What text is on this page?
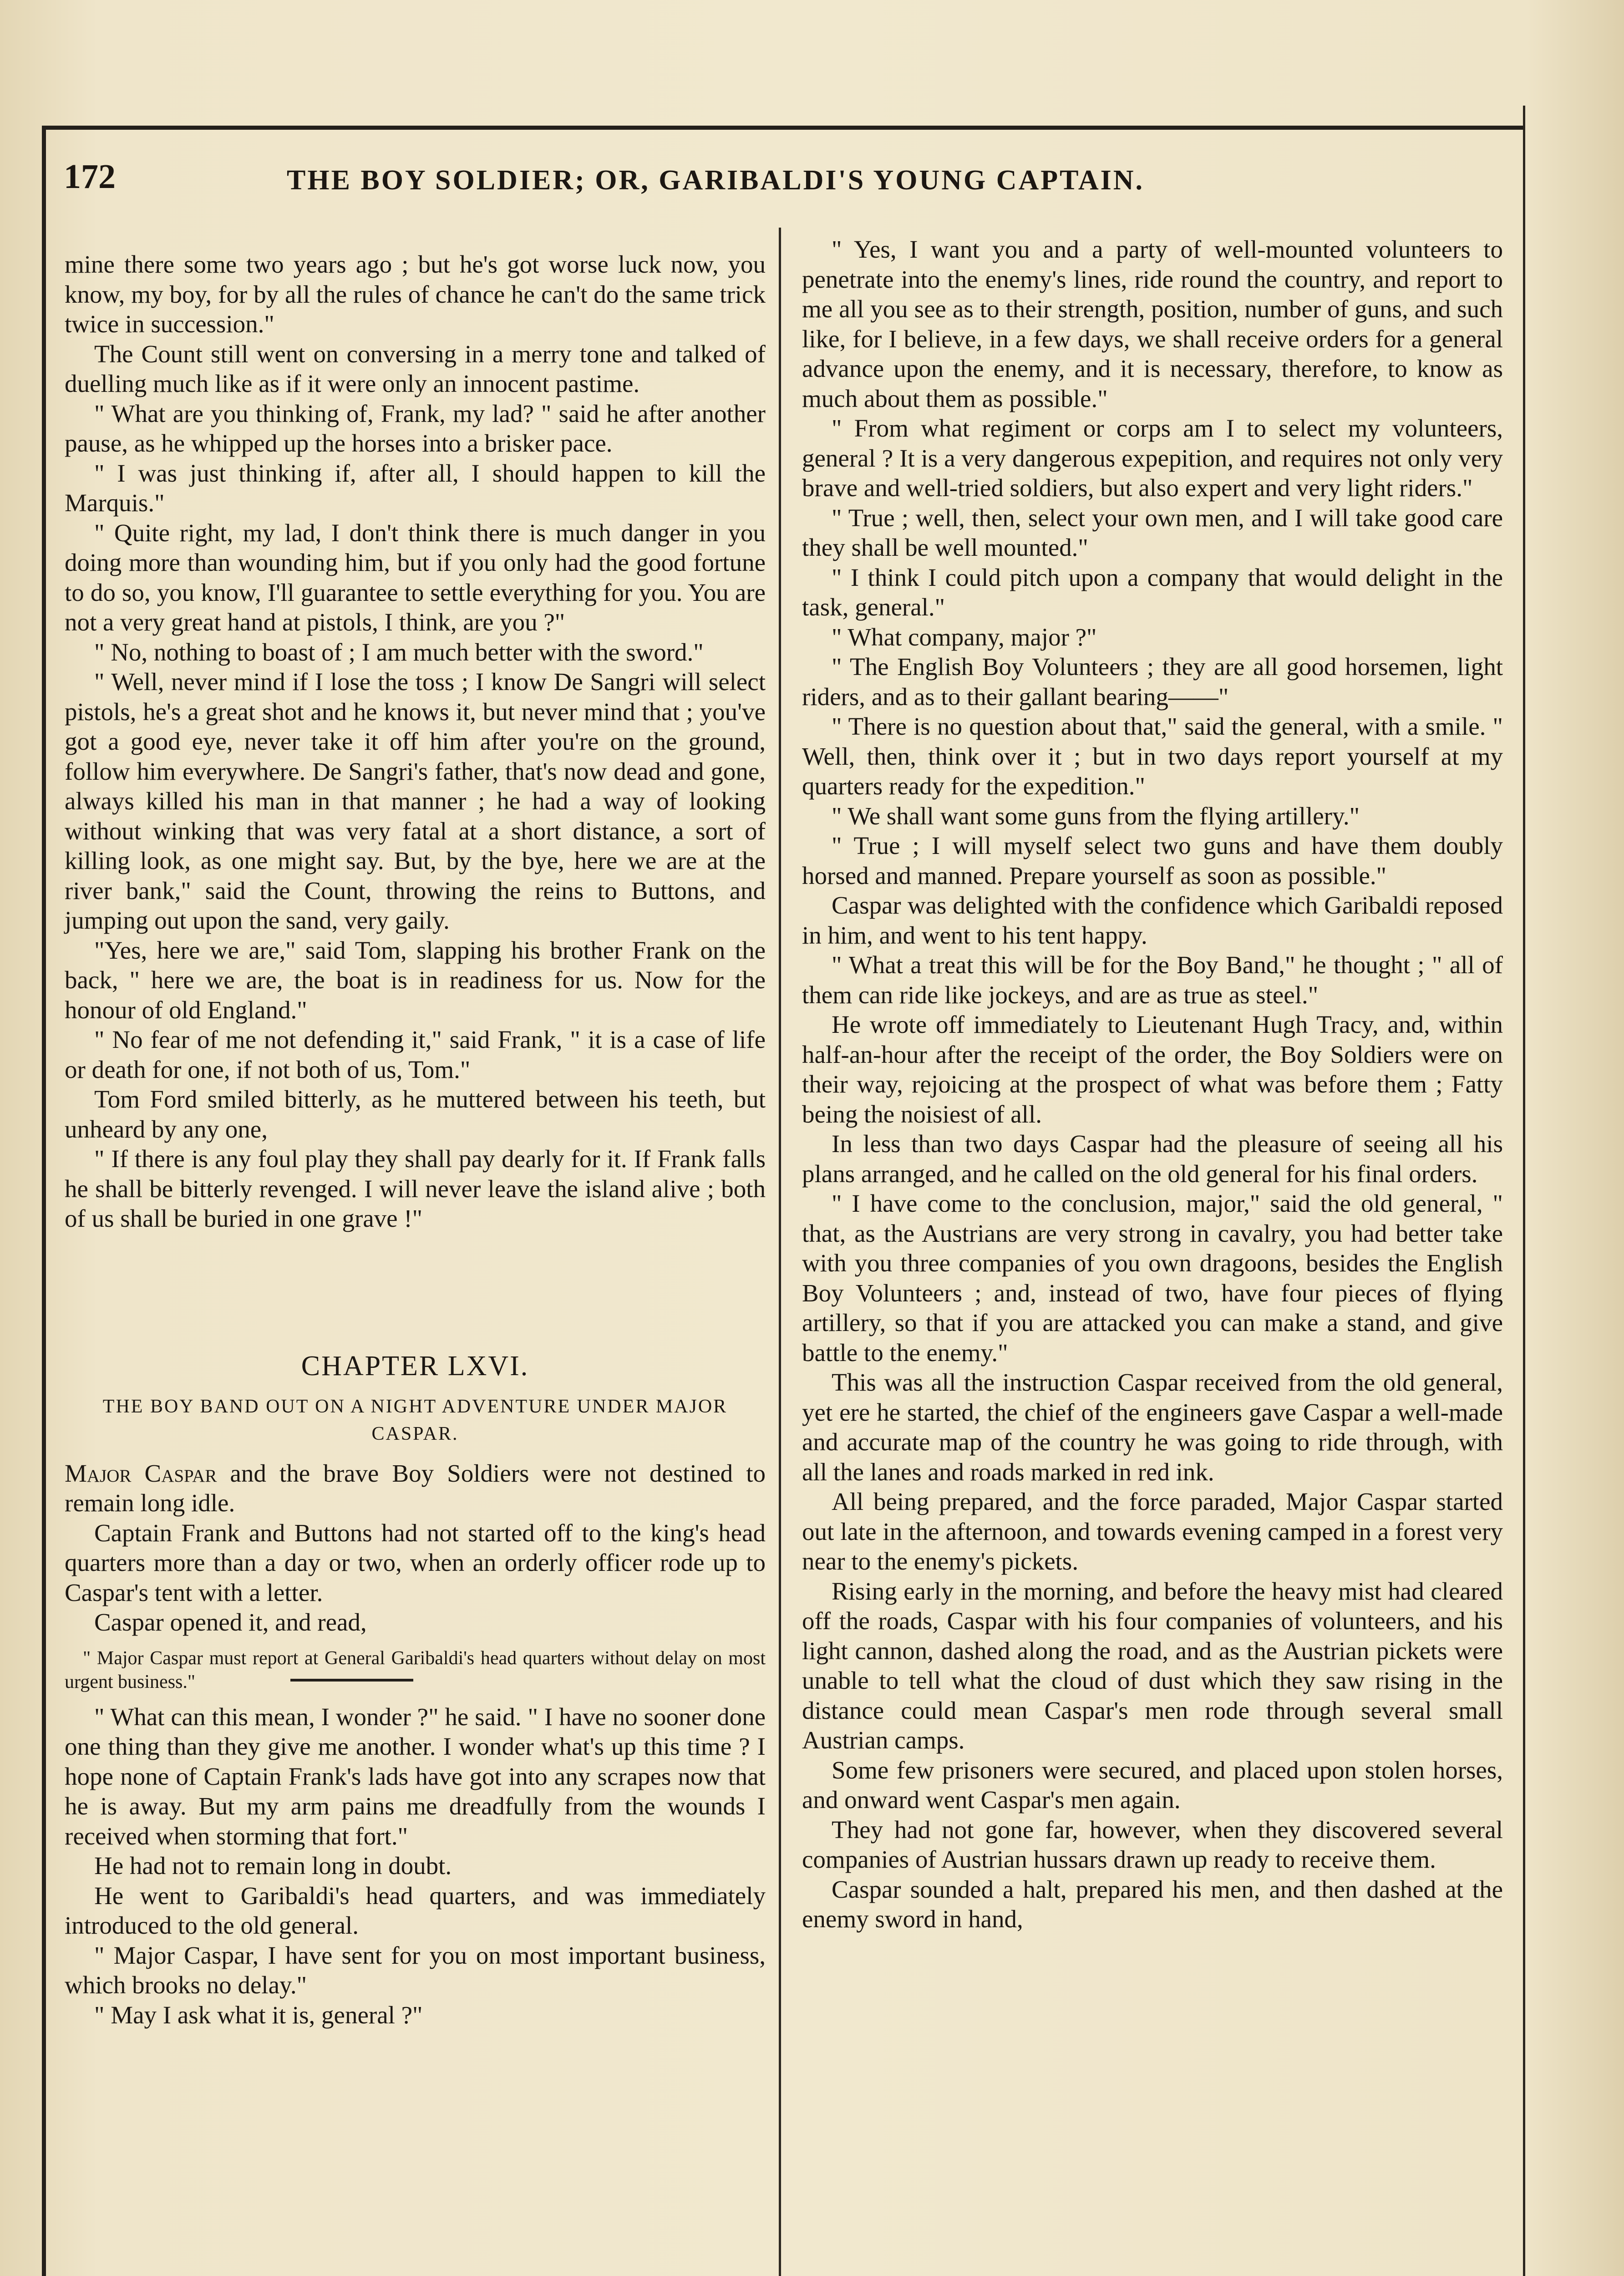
172	THE BOY SOLDIER; OR, GARIBALDI'S YOUNG CAPTAIN.

mine there some two years ago ; but he's got worse luck now, you know, my boy, for by all the rules of chance he can't do the same trick twice in succession."

The Count still went on conversing in a merry tone and talked of duelling much like as if it were only an innocent pastime.

" What are you thinking of, Frank, my lad? " said he after another pause, as he whipped up the horses into a brisker pace.

" I was just thinking if, after all, I should happen to kill the Marquis."

" Quite right, my lad, I don't think there is much danger in you doing more than wounding him, but if you only had the good fortune to do so, you know, I'll guarantee to settle everything for you. You are not a very great hand at pistols, I think, are you ?"

" No, nothing to boast of ; I am much better with the sword."

" Well, never mind if I lose the toss ; I know De Sangri will select pistols, he's a great shot and he knows it, but never mind that ; you've got a good eye, never take it off him after you're on the ground, follow him everywhere. De Sangri's father, that's now dead and gone, always killed his man in that manner ; he had a way of looking without winking that was very fatal at a short distance, a sort of killing look, as one might say. But, by the bye, here we are at the river bank," said the Count, throwing the reins to Buttons, and jumping out upon the sand, very gaily.

"Yes, here we are," said Tom, slapping his brother Frank on the back, " here we are, the boat is in readiness for us. Now for the honour of old England."

" No fear of me not defending it," said Frank, " it is a case of life or death for one, if not both of us, Tom."

Tom Ford smiled bitterly, as he muttered between his teeth, but unheard by any one,

" If there is any foul play they shall pay dearly for it. If Frank falls he shall be bitterly revenged. I will never leave the island alive ; both of us shall be buried in one grave !"

CHAPTER LXVI.
THE BOY BAND OUT ON A NIGHT ADVENTURE UNDER MAJOR CASPAR.

Major Caspar and the brave Boy Soldiers were not destined to remain long idle.

Captain Frank and Buttons had not started off to the king's head quarters more than a day or two, when an orderly officer rode up to Caspar's tent with a letter.

Caspar opened it, and read,

" Major Caspar must report at General Garibaldi's head quarters without delay on most urgent business."

" What can this mean, I wonder ?" he said. " I have no sooner done one thing than they give me another. I wonder what's up this time ? I hope none of Captain Frank's lads have got into any scrapes now that he is away. But my arm pains me dreadfully from the wounds I received when storming that fort."

He had not to remain long in doubt.

He went to Garibaldi's head quarters, and was immediately introduced to the old general.

" Major Caspar, I have sent for you on most important business, which brooks no delay."

" May I ask what it is, general ?"

" Yes, I want you and a party of well-mounted volunteers to penetrate into the enemy's lines, ride round the country, and report to me all you see as to their strength, position, number of guns, and such like, for I believe, in a few days, we shall receive orders for a general advance upon the enemy, and it is necessary, therefore, to know as much about them as possible."

" From what regiment or corps am I to select my volunteers, general ? It is a very dangerous expepition, and requires not only very brave and well-tried soldiers, but also expert and very light riders."

" True ; well, then, select your own men, and I will take good care they shall be well mounted."

" I think I could pitch upon a company that would delight in the task, general."

" What company, major ?"

" The English Boy Volunteers ; they are all good horsemen, light riders, and as to their gallant bearing——"

" There is no question about that," said the general, with a smile. " Well, then, think over it ; but in two days report yourself at my quarters ready for the expedition."

" We shall want some guns from the flying artillery."

" True ; I will myself select two guns and have them doubly horsed and manned. Prepare yourself as soon as possible."

Caspar was delighted with the confidence which Garibaldi reposed in him, and went to his tent happy.

" What a treat this will be for the Boy Band," he thought ; " all of them can ride like jockeys, and are as true as steel."

He wrote off immediately to Lieutenant Hugh Tracy, and, within half-an-hour after the receipt of the order, the Boy Soldiers were on their way, rejoicing at the prospect of what was before them ; Fatty being the noisiest of all.

In less than two days Caspar had the pleasure of seeing all his plans arranged, and he called on the old general for his final orders.

" I have come to the conclusion, major," said the old general, " that, as the Austrians are very strong in cavalry, you had better take with you three companies of you own dragoons, besides the English Boy Volunteers ; and, instead of two, have four pieces of flying artillery, so that if you are attacked you can make a stand, and give battle to the enemy."

This was all the instruction Caspar received from the old general, yet ere he started, the chief of the engineers gave Caspar a well-made and accurate map of the country he was going to ride through, with all the lanes and roads marked in red ink.

All being prepared, and the force paraded, Major Caspar started out late in the afternoon, and towards evening camped in a forest very near to the enemy's pickets.

Rising early in the morning, and before the heavy mist had cleared off the roads, Caspar with his four companies of volunteers, and his light cannon, dashed along the road, and as the Austrian pickets were unable to tell what the cloud of dust which they saw rising in the distance could mean Caspar's men rode through several small Austrian camps.

Some few prisoners were secured, and placed upon stolen horses, and onward went Caspar's men again.

They had not gone far, however, when they discovered several companies of Austrian hussars drawn up ready to receive them.

Caspar sounded a halt, prepared his men, and then dashed at the enemy sword in hand,
